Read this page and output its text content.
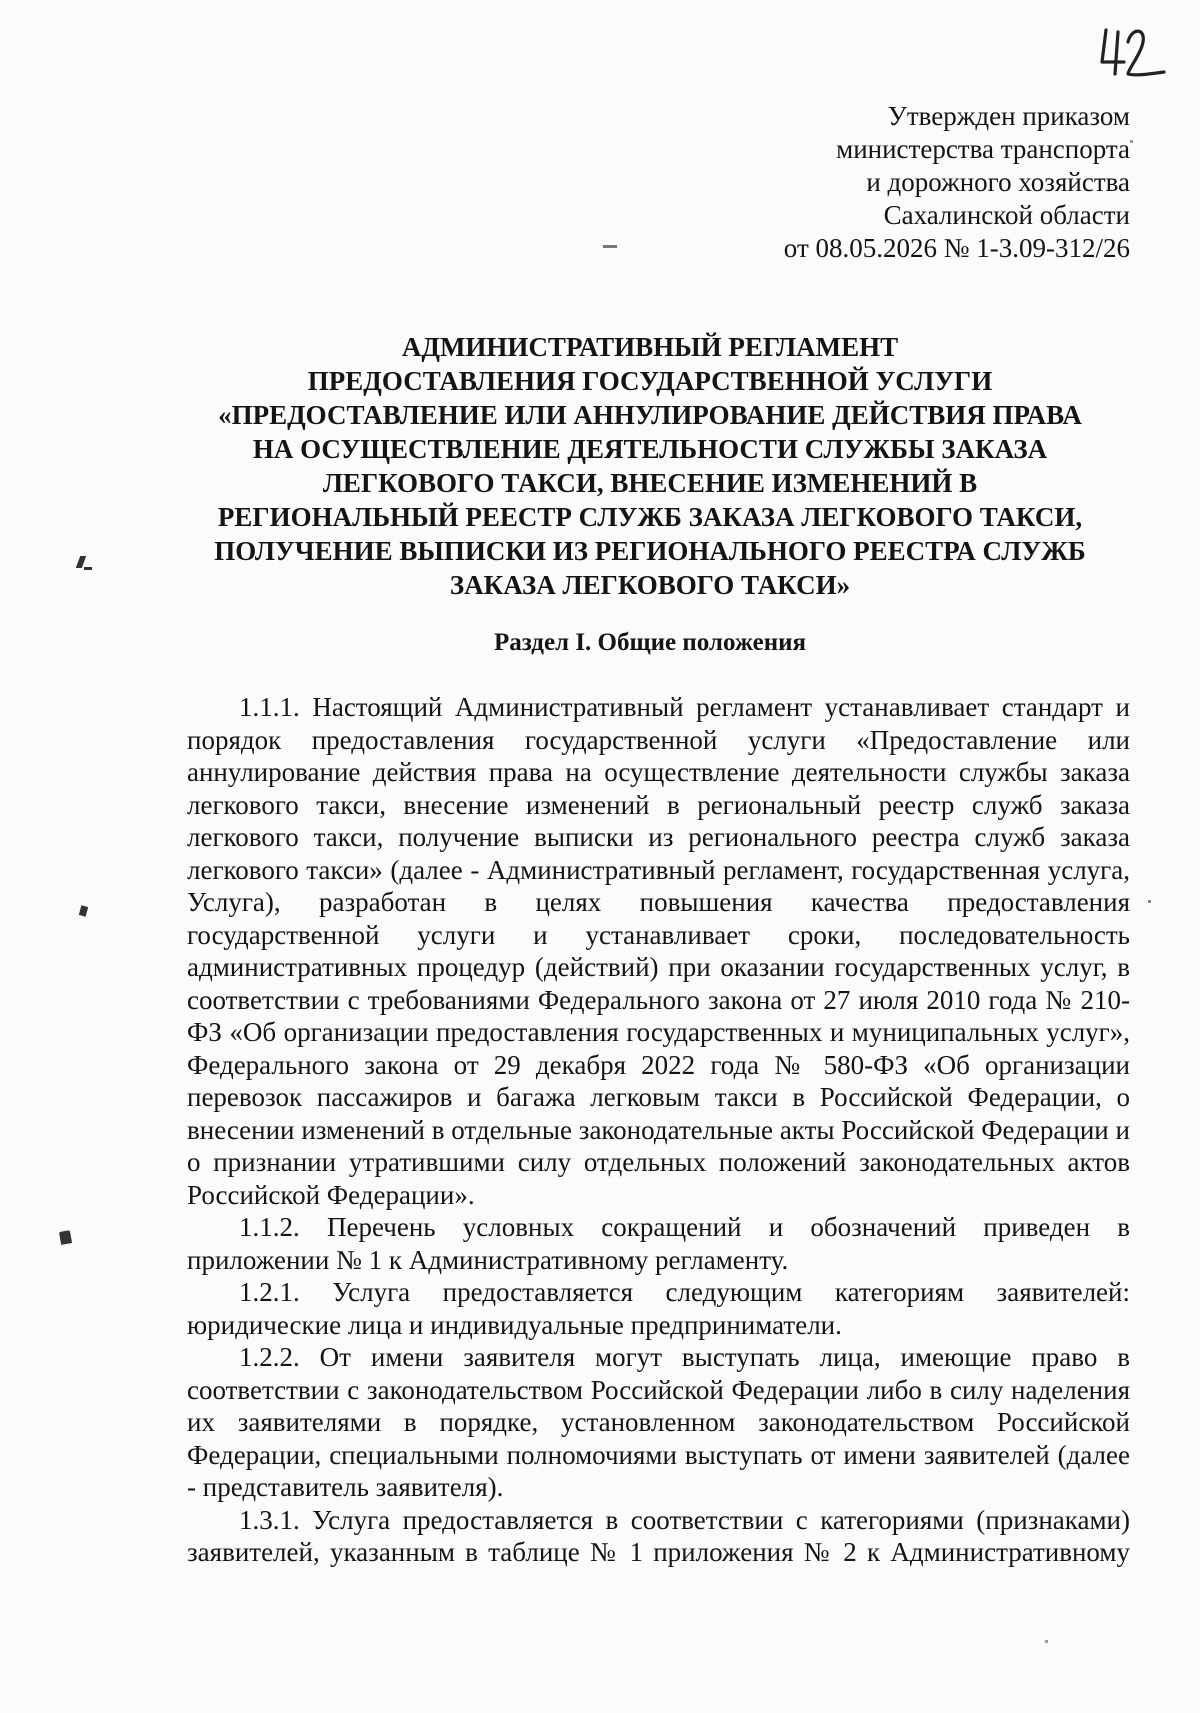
Утвержден приказом
министерства транспорта
и дорожного хозяйства
Сахалинской области
от 08.05.2026 № 1-3.09-312/26
АДМИНИСТРАТИВНЫЙ РЕГЛАМЕНТ
ПРЕДОСТАВЛЕНИЯ ГОСУДАРСТВЕННОЙ УСЛУГИ
«ПРЕДОСТАВЛЕНИЕ ИЛИ АННУЛИРОВАНИЕ ДЕЙСТВИЯ ПРАВА
НА ОСУЩЕСТВЛЕНИЕ ДЕЯТЕЛЬНОСТИ СЛУЖБЫ ЗАКАЗА
ЛЕГКОВОГО ТАКСИ, ВНЕСЕНИЕ ИЗМЕНЕНИЙ В
РЕГИОНАЛЬНЫЙ РЕЕСТР СЛУЖБ ЗАКАЗА ЛЕГКОВОГО ТАКСИ,
ПОЛУЧЕНИЕ ВЫПИСКИ ИЗ РЕГИОНАЛЬНОГО РЕЕСТРА СЛУЖБ
ЗАКАЗА ЛЕГКОВОГО ТАКСИ»
Раздел I. Общие положения

1.1.1. Настоящий Административный регламент устанавливает стандарт и порядок предоставления государственной услуги «Предоставление или аннулирование действия права на осуществление деятельности службы заказа легкового такси, внесение изменений в региональный реестр служб заказа легкового такси, получение выписки из регионального реестра служб заказа легкового такси» (далее - Административный регламент, государственная услуга, Услуга), разработан в целях повышения качества предоставления государственной услуги и устанавливает сроки, последовательность административных процедур (действий) при оказании государственных услуг, в соответствии с требованиями Федерального закона от 27 июля 2010 года № 210-ФЗ «Об организации предоставления государственных и муниципальных услуг», Федерального закона от 29 декабря 2022 года № 580-ФЗ «Об организации перевозок пассажиров и багажа легковым такси в Российской Федерации, о внесении изменений в отдельные законодательные акты Российской Федерации и о признании утратившими силу отдельных положений законодательных актов Российской Федерации».

1.1.2. Перечень условных сокращений и обозначений приведен в приложении № 1 к Административному регламенту.

1.2.1. Услуга предоставляется следующим категориям заявителей: юридические лица и индивидуальные предприниматели.

1.2.2. От имени заявителя могут выступать лица, имеющие право в соответствии с законодательством Российской Федерации либо в силу наделения их заявителями в порядке, установленном законодательством Российской Федерации, специальными полномочиями выступать от имени заявителей (далее - представитель заявителя).

1.3.1. Услуга предоставляется в соответствии с категориями (признаками) заявителей, указанным в таблице № 1 приложения № 2 к Административному
